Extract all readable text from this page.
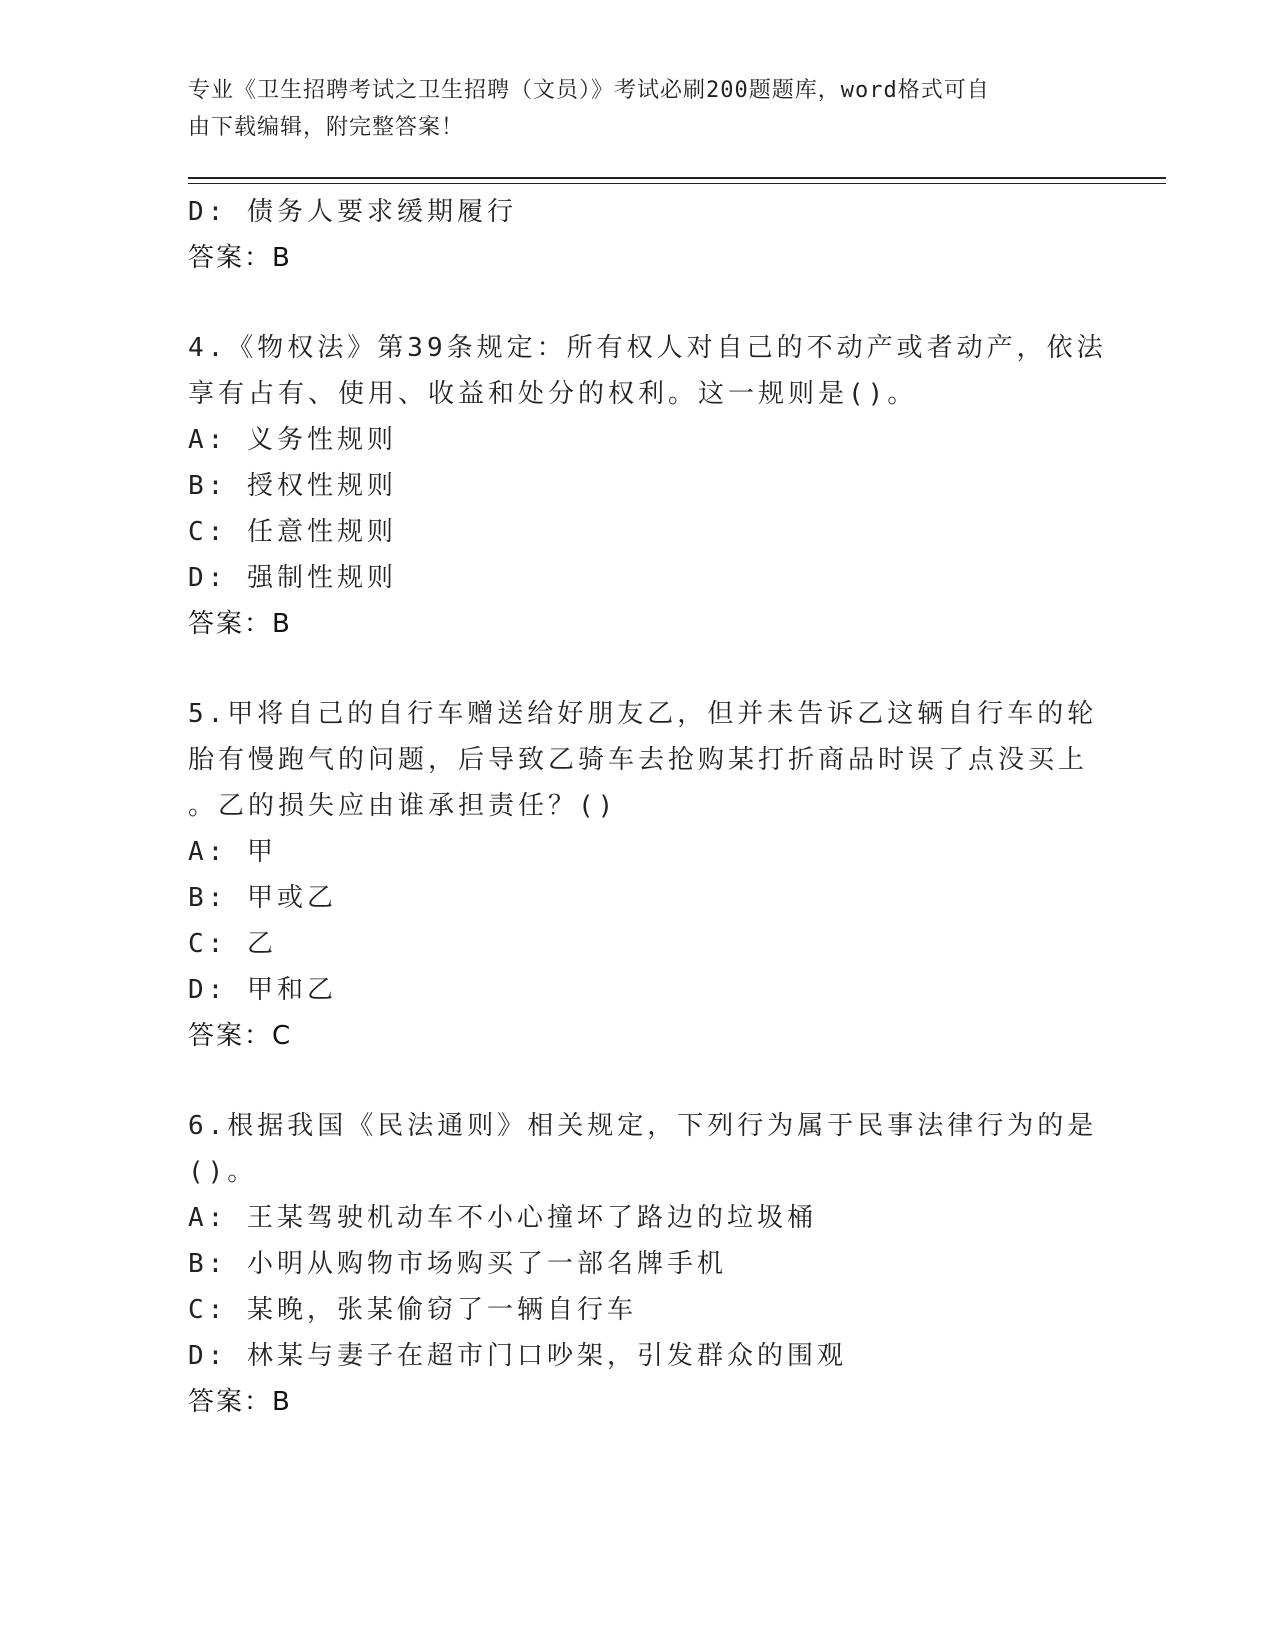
专业《卫生招聘考试之卫生招聘（文员）》考试必刷200题题库，word格式可自
由下载编辑，附完整答案！
D: 债务人要求缓期履行
答案：B
4.《物权法》第39条规定：所有权人对自己的不动产或者动产，依法
享有占有、使用、收益和处分的权利。这一规则是()。
A: 义务性规则
B: 授权性规则
C: 任意性规则
D: 强制性规则
答案：B
5.甲将自己的自行车赠送给好朋友乙，但并未告诉乙这辆自行车的轮
胎有慢跑气的问题，后导致乙骑车去抢购某打折商品时误了点没买上
。乙的损失应由谁承担责任？()
A: 甲
B: 甲或乙
C: 乙
D: 甲和乙
答案：C
6.根据我国《民法通则》相关规定，下列行为属于民事法律行为的是
()。
A: 王某驾驶机动车不小心撞坏了路边的垃圾桶
B: 小明从购物市场购买了一部名牌手机
C: 某晚，张某偷窃了一辆自行车
D: 林某与妻子在超市门口吵架，引发群众的围观
答案：B
